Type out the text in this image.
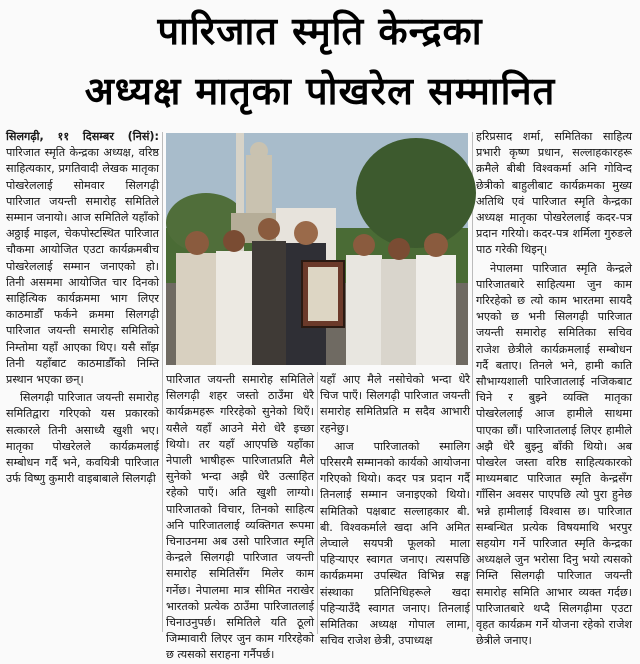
पारिजात स्मृति केन्द्रका
अध्यक्ष मातृका पोखरेल सम्मानित

सिलगढ़ी, ११ दिसम्बर (निसं): पारिजात स्मृति केन्द्रका अध्यक्ष, वरिष्ठ साहित्यकार, प्रगतिवादी लेखक मातृका पोखरेललाई सोमवार सिलगढ़ी पारिजात जयन्ती समारोह समितिले सम्मान जनायो। आज समितिले यहाँको अठ्ठाई माइल, चेकपोस्टस्थित पारिजात चौकमा आयोजित एउटा कार्यक्रमबीच पोखरेललाई सम्मान जनाएको हो। तिनी असममा आयोजित चार दिनको साहित्यिक कार्यक्रममा भाग लिएर काठमाडौँ फर्कने क्रममा सिलगढ़ी पारिजात जयन्ती समारोह समितिको निम्तोमा यहाँ आएका थिए। यसै साँझ तिनी यहाँबाट काठमाडौँको निम्ति प्रस्थान भएका छन्।

सिलगढ़ी पारिजात जयन्ती समारोह समितिद्वारा गरिएको यस प्रकारको सत्कारले तिनी असाध्यै खुशी भए। मातृका पोखरेलले कार्यक्रमलाई सम्बोधन गर्दै भने, कवयित्री पारिजात उर्फ विष्णु कुमारी वाइबाबाले सिलगढ़ी

पारिजात जयन्ती समारोह समितिले सिलगढ़ी शहर जस्तो ठाउँमा धेरै कार्यक्रमहरू गरिरहेको सुनेको थिएँ। यसैले यहाँ आउने मेरो धेरै इच्छा थियो। तर यहाँ आएपछि यहाँका नेपाली भाषीहरू पारिजातप्रति मैले सुनेको भन्दा अझै धेरै उत्साहित रहेको पाएँ। अति खुशी लाग्यो। पारिजातको विचार, तिनको साहित्य अनि पारिजातलाई व्यक्तिगत रूपमा चिनाउनमा अब उसो पारिजात स्मृति केन्द्रले सिलगढ़ी पारिजात जयन्ती समारोह समितिसँग मिलेर काम गर्नेछ। नेपालमा मात्र सीमित नराखेर भारतको प्रत्येक ठाउँमा पारिजातलाई चिनाउनुपर्छ। समितिले यति ठूलो जिम्मावारी लिएर जुन काम गरिरहेको छ त्यसको सराहना गर्नैपर्छ।

यहाँ आए मैले नसोचेको भन्दा धेरै चिज पाएँ। सिलगढ़ी पारिजात जयन्ती समारोह समितिप्रति म सदैव आभारी रहनेछु।

आज पारिजातको स्मालिग परिसरमै सम्मानको कार्यको आयोजना गरिएको थियो। कदर पत्र प्रदान गर्दै तिनलाई सम्मान जनाइएको थियो। समितिको पक्षबाट सल्लाहकार बी. बी. विश्वकर्माले खदा अनि अमित लेप्चाले सयपत्री फूलको माला पहिऱ्याएर स्वागत जनाए। त्यसपछि कार्यक्रममा उपस्थित विभिन्न सङ्घ संस्थाका प्रतिनिधिहरूले खदा पहिऱ्याउँदै स्वागत जनाए। तिनलाई समितिका अध्यक्ष गोपाल लामा, सचिव राजेश छेत्री, उपाध्यक्ष

हरिप्रसाद शर्मा, समितिका साहित्य प्रभारी कृष्ण प्रधान, सल्लाहकारहरू क्रमैले बीबी विश्वकर्मा अनि गोविन्द छेत्रीको बाहुलीबाट कार्यक्रमका मुख्य अतिथि एवं पारिजात स्मृति केन्द्रका अध्यक्ष मातृका पोखरेललाई कदर-पत्र प्रदान गरियो। कदर-पत्र शर्मिला गुरुङले पाठ गरेकी थिइन्।

नेपालमा पारिजात स्मृति केन्द्रले पारिजातबारे साहित्यमा जुन काम गरिरहेको छ त्यो काम भारतमा सायदै भएको छ भनी सिलगढ़ी पारिजात जयन्ती समारोह समितिका सचिव राजेश छेत्रीले कार्यक्रमलाई सम्बोधन गर्दै बताए। तिनले भने, हामी काति सौभाग्यशाली पारिजातलाई नजिकबाट चिने र बुझ्ने व्यक्ति मातृका पोखरेललाई आज हामीले साथमा पाएका छौं। पारिजातलाई लिएर हामीले अझै धेरै बुझ्नु बाँकी थियो। अब पोखरेल जस्ता वरिष्ठ साहित्यकारको माध्यमबाट पारिजात स्मृति केन्द्रसँग गाँसिन अवसर पाएपछि त्यो पुरा हुनेछ भन्ने हामीलाई विश्वास छ। पारिजात सम्बन्धित प्रत्येक विषयमाथि भरपुर सहयोग गर्ने पारिजात स्मृति केन्द्रका अध्यक्षले जुन भरोसा दिनु भयो त्यसको निम्ति सिलगढ़ी पारिजात जयन्ती समारोह समिति आभार व्यक्त गर्दछ। पारिजातबारे थप्दै सिलगढ़ीमा एउटा वृहत कार्यक्रम गर्ने योजना रहेको राजेश छेत्रीले जनाए।
